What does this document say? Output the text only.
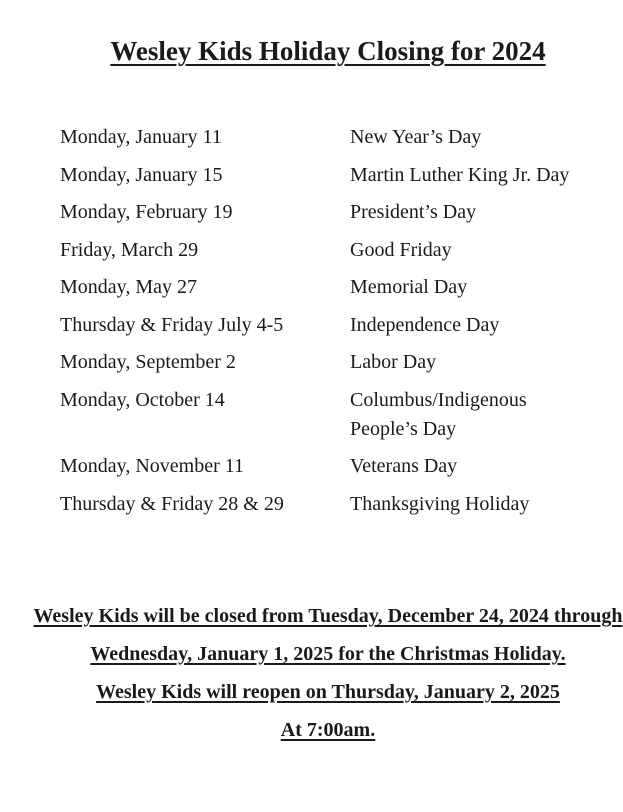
Wesley Kids Holiday Closing for 2024
Monday, January 11	New Year’s Day
Monday, January 15	Martin Luther King Jr. Day
Monday, February 19	President’s Day
Friday, March 29	Good Friday
Monday, May 27	Memorial Day
Thursday & Friday July 4-5	Independence Day
Monday, September 2	Labor Day
Monday, October 14	Columbus/Indigenous People’s Day
Monday, November 11	Veterans Day
Thursday & Friday 28 & 29	Thanksgiving Holiday

Wesley Kids will be closed from Tuesday, December 24, 2024 through Wednesday, January 1, 2025 for the Christmas Holiday.

Wesley Kids will reopen on Thursday, January 2, 2025

At 7:00am.
